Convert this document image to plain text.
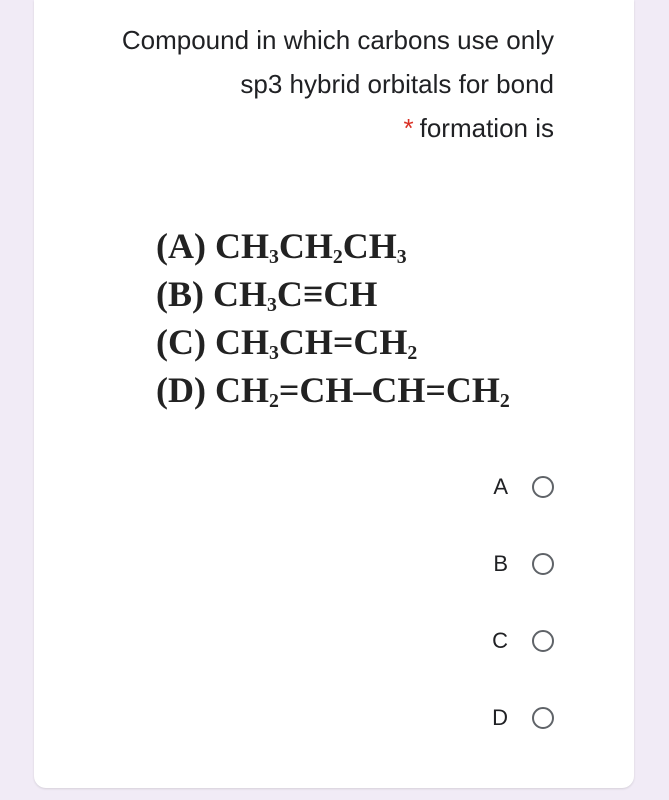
Compound in which carbons use only
sp3 hybrid orbitals for bond
* formation is
(A) $CH_3CH_2CH_3$
(B) $CH_3C\equiv CH$
(C) $CH_3CH=CH_2$
(D) $CH_2=CH-CH=CH_2$
A
B
C
D
